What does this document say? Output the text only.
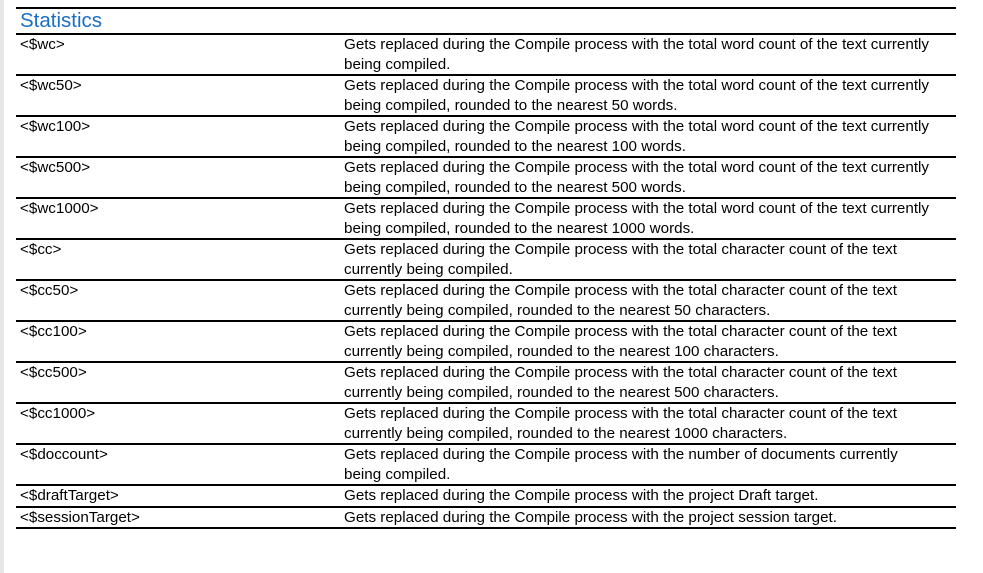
Statistics	
<$wc>	Gets replaced during the Compile process with the total word count of the text currently being compiled.
<$wc50>	Gets replaced during the Compile process with the total word count of the text currently being compiled, rounded to the nearest 50 words.
<$wc100>	Gets replaced during the Compile process with the total word count of the text currently being compiled, rounded to the nearest 100 words.
<$wc500>	Gets replaced during the Compile process with the total word count of the text currently being compiled, rounded to the nearest 500 words.
<$wc1000>	Gets replaced during the Compile process with the total word count of the text currently being compiled, rounded to the nearest 1000 words.
<$cc>	Gets replaced during the Compile process with the total character count of the text currently being compiled.
<$cc50>	Gets replaced during the Compile process with the total character count of the text currently being compiled, rounded to the nearest 50 characters.
<$cc100>	Gets replaced during the Compile process with the total character count of the text currently being compiled, rounded to the nearest 100 characters.
<$cc500>	Gets replaced during the Compile process with the total character count of the text currently being compiled, rounded to the nearest 500 characters.
<$cc1000>	Gets replaced during the Compile process with the total character count of the text currently being compiled, rounded to the nearest 1000 characters.
<$doccount>	Gets replaced during the Compile process with the number of documents currently being compiled.
<$draftTarget>	Gets replaced during the Compile process with the project Draft target.
<$sessionTarget>	Gets replaced during the Compile process with the project session target.
